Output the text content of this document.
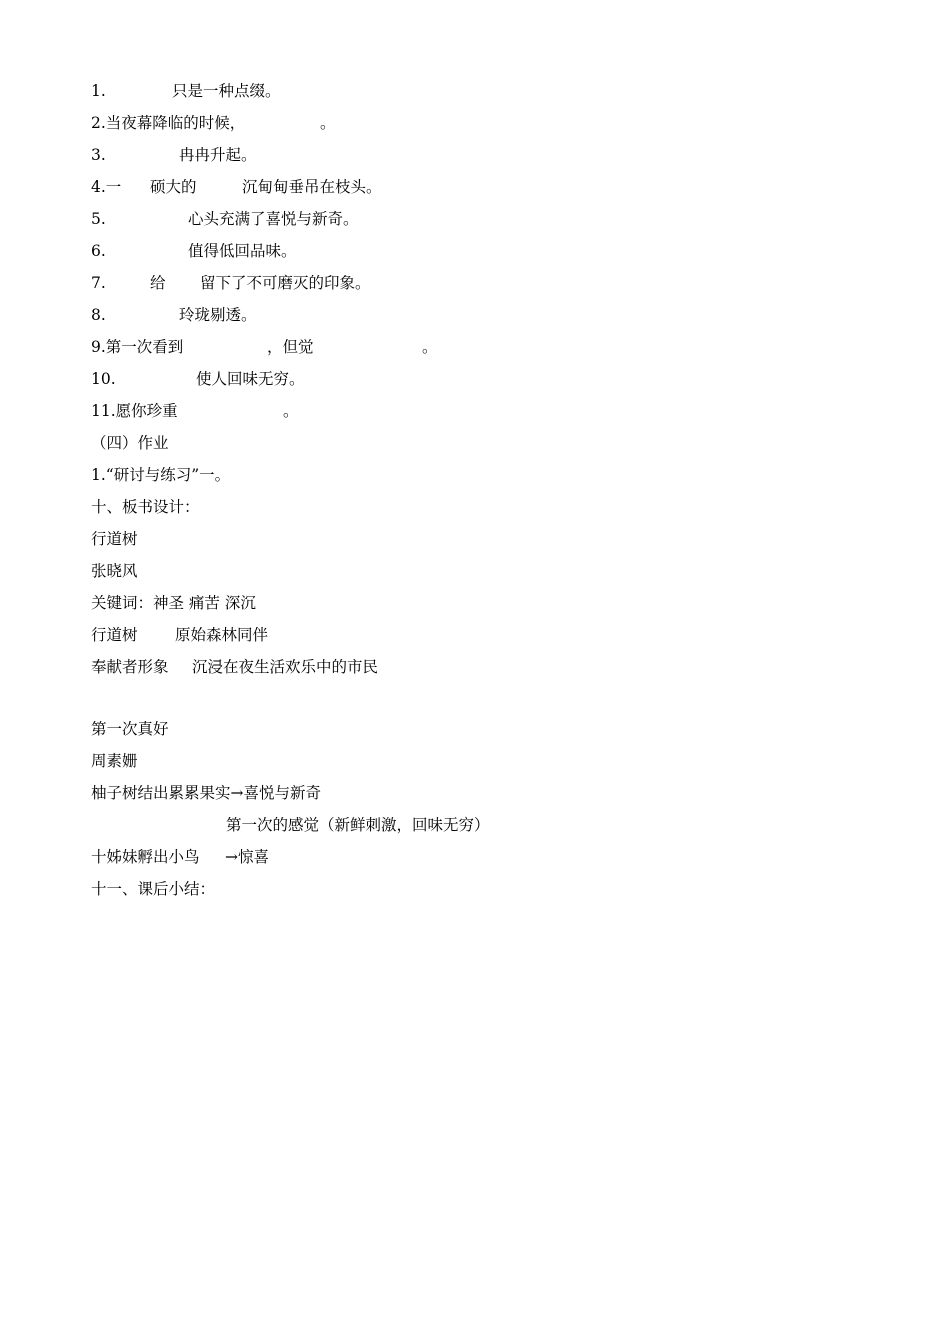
1.	只是一种点缀。
2.当夜幕降临的时候，	。
3.	冉冉升起。
4.一 硕大的	沉甸甸垂吊在枝头。
5.	心头充满了喜悦与新奇。
6.	值得低回品味。
7.	给 留下了不可磨灭的印象。
8.	玲珑剔透。
9.第一次看到	，但觉	。
10.	使人回味无穷。
11.愿你珍重	。
（四）作业
1.“研讨与练习”一。
十、板书设计：
行道树
张晓风
关键词：神圣 痛苦 深沉
行道树 原始森林同伴
奉献者形象 沉浸在夜生活欢乐中的市民
第一次真好
周素姗
柚子树结出累累果实→喜悦与新奇
第一次的感觉（新鲜刺激，回味无穷）
十姊妹孵出小鸟 →惊喜
十一、课后小结：
